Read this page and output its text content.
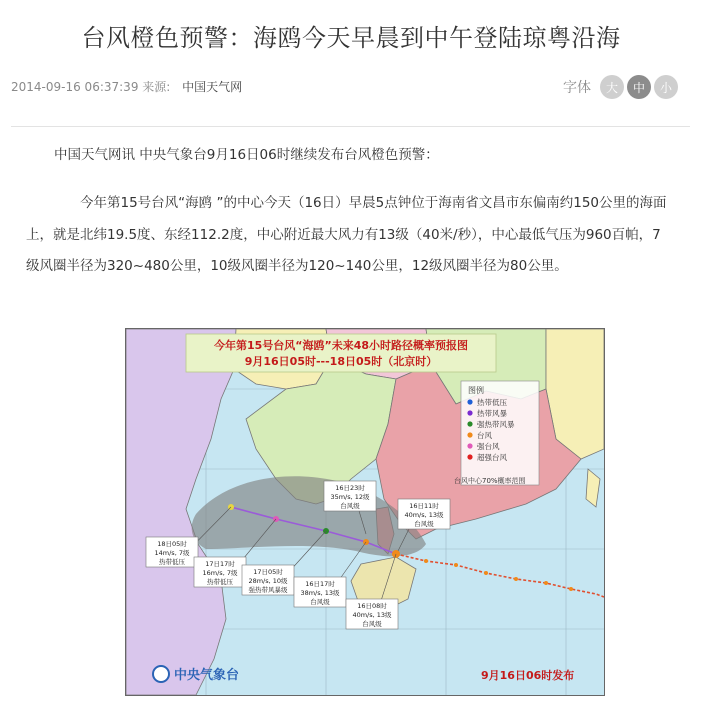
台风橙色预警：海鸥今天早晨到中午登陆琼粤沿海
2014-09-16 06:37:39 来源: 中国天气网	字体	大	中	小
中国天气网讯 中央气象台9月16日06时继续发布台风橙色预警：
今年第15号台风“海鸥 ”的中心今天（16日）早晨5点钟位于海南省文昌市东偏南约150公里的海面上，就是北纬19.5度、东经112.2度，中心附近最大风力有13级（40米/秒），中心最低气压为960百帕，7级风圈半径为320~480公里，10级风圈半径为120~140公里，12级风圈半径为80公里。
今年第15号台风“海鸥”未来48小时路径概率预报图
9月16日05时---18日05时（北京时）
图例
热带低压
热带风暴
强热带风暴
台风
强台风
超强台风
台风中心70%概率范围
16日23时
35m/s, 12级
台风级	16日11时
40m/s, 13级
台风级
18日05时
14m/s, 7级
热带低压	17日17时
16m/s, 7级
热带低压
17日05时
28m/s, 10级
强热带风暴级
16日17时
38m/s, 13级
台风级	16日08时
40m/s, 13级
台风级
中央气象台	9月16日06时发布
